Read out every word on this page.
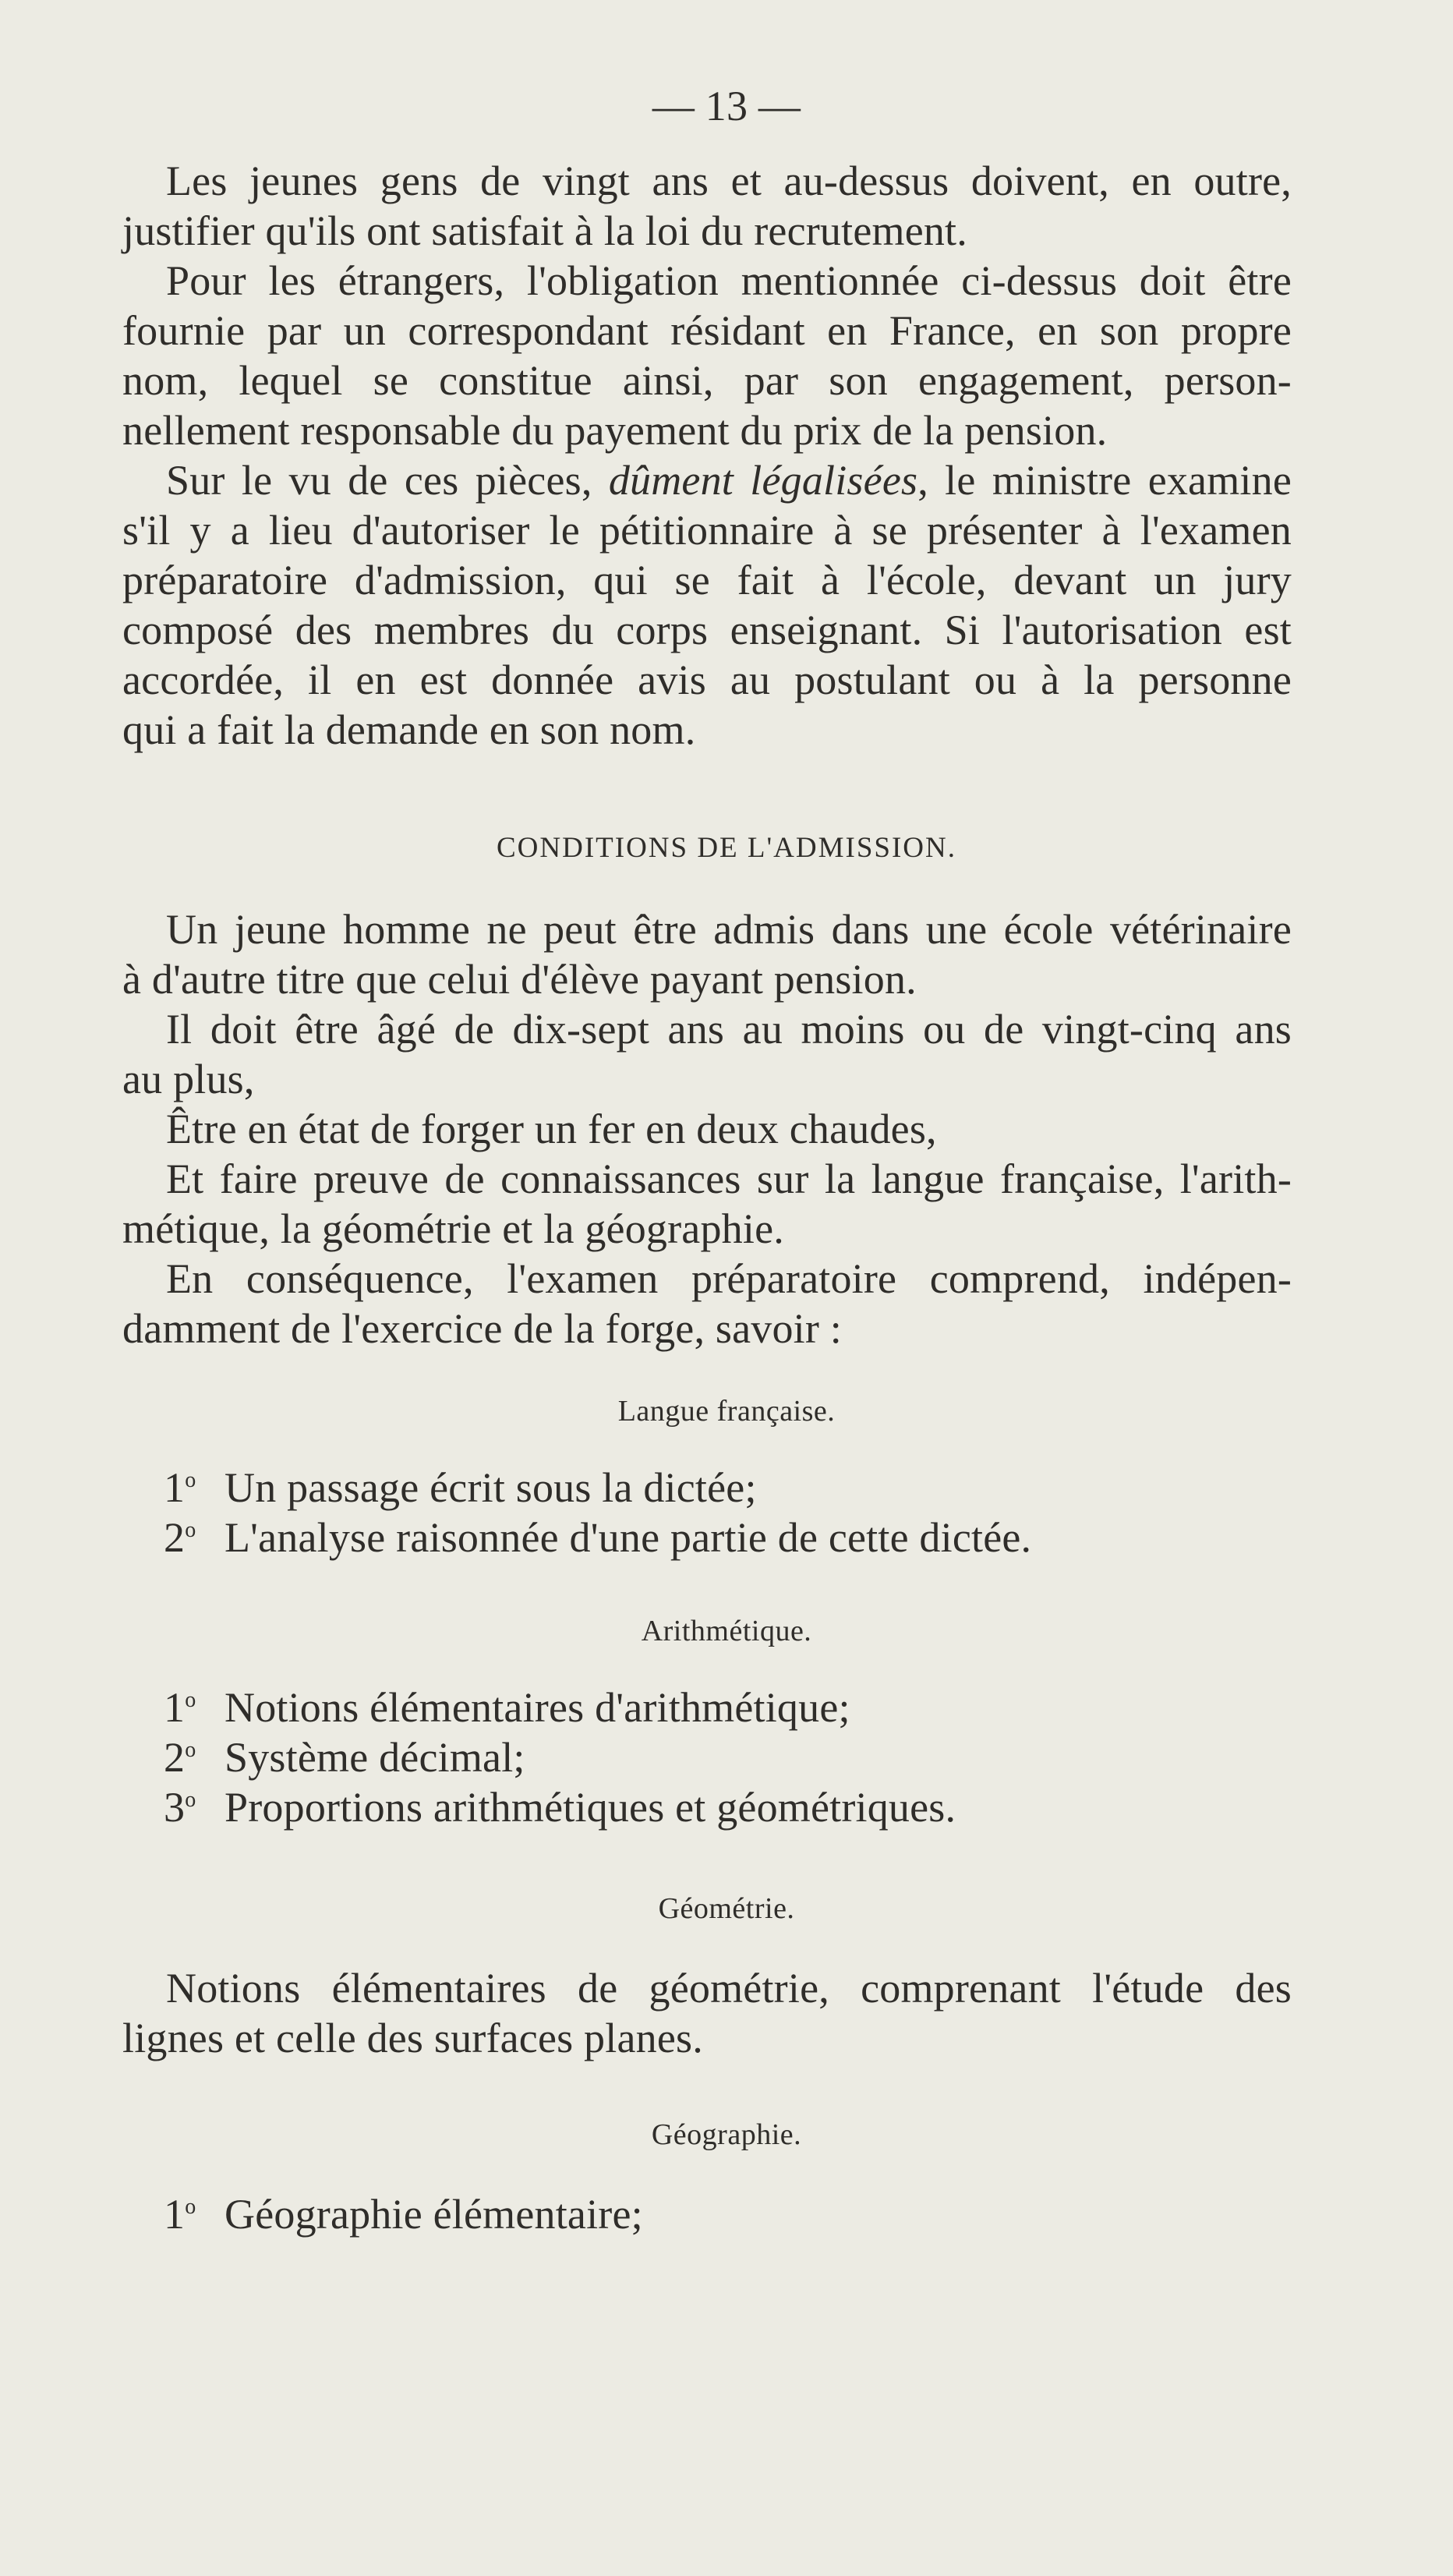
— 13 —
Les jeunes gens de vingt ans et au-dessus doivent, en outre,
justifier qu'ils ont satisfait à la loi du recrutement.
Pour les étrangers, l'obligation mentionnée ci-dessus doit être
fournie par un correspondant résidant en France, en son propre
nom, lequel se constitue ainsi, par son engagement, person-
nellement responsable du payement du prix de la pension.
Sur le vu de ces pièces, dûment légalisées, le ministre examine
s'il y a lieu d'autoriser le pétitionnaire à se présenter à l'examen
préparatoire d'admission, qui se fait à l'école, devant un jury
composé des membres du corps enseignant. Si l'autorisation est
accordée, il en est donnée avis au postulant ou à la personne
qui a fait la demande en son nom.
CONDITIONS DE L'ADMISSION.
Un jeune homme ne peut être admis dans une école vétérinaire
à d'autre titre que celui d'élève payant pension.
Il doit être âgé de dix-sept ans au moins ou de vingt-cinq ans
au plus,
Être en état de forger un fer en deux chaudes,
Et faire preuve de connaissances sur la langue française, l'arith-
métique, la géométrie et la géographie.
En conséquence, l'examen préparatoire comprend, indépen-
damment de l'exercice de la forge, savoir :
Langue française.
1$^o$ Un passage écrit sous la dictée;
2$^o$ L'analyse raisonnée d'une partie de cette dictée.
Arithmétique.
1$^o$ Notions élémentaires d'arithmétique;
2$^o$ Système décimal;
3$^o$ Proportions arithmétiques et géométriques.
Géométrie.
Notions élémentaires de géométrie, comprenant l'étude des
lignes et celle des surfaces planes.
Géographie.
1$^o$ Géographie élémentaire;
